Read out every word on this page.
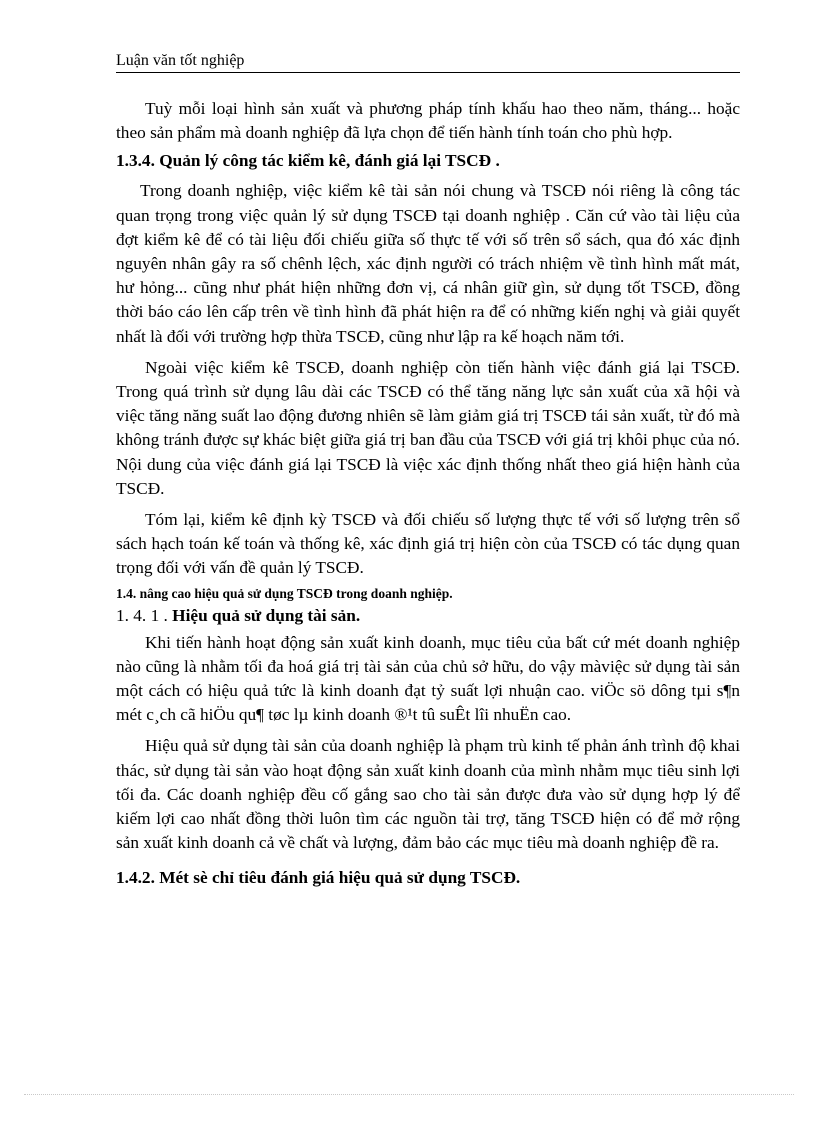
Luận văn tốt nghiệp

Tuỳ mỗi loại hình sản xuất và phương pháp tính khấu hao theo năm, tháng... hoặc theo sản phẩm mà doanh nghiệp đã lựa chọn để tiến hành tính toán cho phù hợp.

1.3.4. Quản lý công tác kiểm kê, đánh giá lại TSCĐ .

Trong doanh nghiệp, việc kiểm kê tài sản nói chung và TSCĐ nói riêng là công tác quan trọng trong việc quản lý sử dụng TSCĐ tại doanh nghiệp . Căn cứ vào tài liệu của đợt kiểm kê để có tài liệu đối chiếu giữa số thực tế với số trên sổ sách, qua đó xác định nguyên nhân gây ra số chênh lệch, xác định người có trách nhiệm về tình hình mất mát, hư hỏng... cũng như phát hiện những đơn vị, cá nhân giữ gìn, sử dụng tốt TSCĐ, đồng thời báo cáo lên cấp trên về tình hình đã phát hiện ra để có những kiến nghị và giải quyết nhất là đối với trường hợp thừa TSCĐ, cũng như lập ra kế hoạch năm tới.

Ngoài việc kiểm kê TSCĐ, doanh nghiệp còn tiến hành việc đánh giá lại TSCĐ. Trong quá trình sử dụng lâu dài các TSCĐ có thể tăng năng lực sản xuất của xã hội và việc tăng năng suất lao động đương nhiên sẽ làm giảm giá trị TSCĐ tái sản xuất, từ đó mà không tránh được sự khác biệt giữa giá trị ban đầu của TSCĐ với giá trị khôi phục của nó. Nội dung của việc đánh giá lại TSCĐ là việc xác định thống nhất theo giá hiện hành của TSCĐ.

Tóm lại, kiểm kê định kỳ TSCĐ và đối chiếu số lượng thực tế với số lượng trên sổ sách hạch toán kế toán và thống kê, xác định giá trị hiện còn của TSCĐ có tác dụng quan trọng đối với vấn đề quản lý TSCĐ.

1.4. nâng cao hiệu quả sử dụng TSCĐ trong doanh nghiệp.
1. 4. 1 . Hiệu quả sử dụng tài sản.

Khi tiến hành hoạt động sản xuất kinh doanh, mục tiêu của bất cứ mét doanh nghiệp nào cũng là nhằm tối đa hoá giá trị tài sản của chủ sở hữu, do vậy màviệc sử dụng tài sản một cách có hiệu quả tức là kinh doanh đạt tỷ suất lợi nhuận cao. viÖc sö dông tµi s¶n mét c¸ch cã hiÖu qu¶ tøc lµ kinh doanh ®¹t tû suÊt lîi nhuËn cao.

Hiệu quả sử dụng tài sản của doanh nghiệp là phạm trù kinh tế phản ánh trình độ khai thác, sử dụng tài sản vào hoạt động sản xuất kinh doanh của mình nhằm mục tiêu sinh lợi tối đa. Các doanh nghiệp đều cố gắng sao cho tài sản được đưa vào sử dụng hợp lý để kiếm lợi cao nhất đồng thời luôn tìm các nguồn tài trợ, tăng TSCĐ hiện có để mở rộng sản xuất kinh doanh cả về chất và lượng, đảm bảo các mục tiêu mà doanh nghiệp đề ra.

1.4.2. Mét sè chỉ tiêu đánh giá hiệu quả sử dụng TSCĐ.
